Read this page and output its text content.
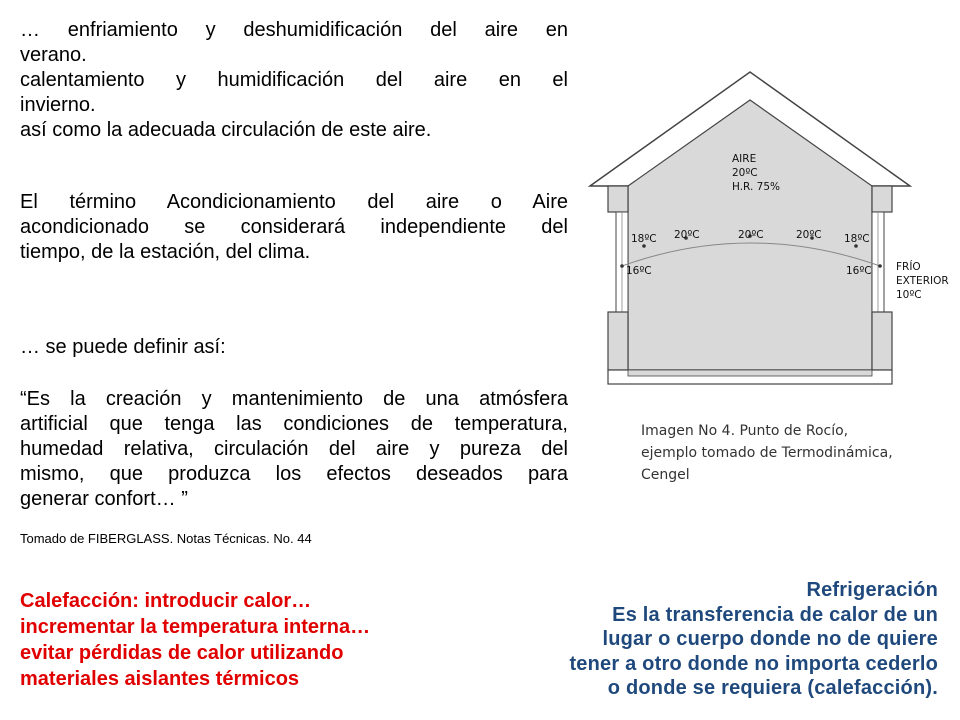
… enfriamiento y deshumidificación del aire en
verano.
calentamiento y humidificación del aire en el
invierno.
así como la adecuada circulación de este aire.
El término Acondicionamiento del aire o Aire
acondicionado se considerará independiente del
tiempo, de la estación, del clima.
… se puede definir así:
“Es la creación y mantenimiento de una atmósfera
artificial que tenga las condiciones de temperatura,
humedad relativa, circulación del aire y pureza del
mismo, que produzca los efectos deseados para
generar confort… ”

Tomado de FIBERGLASS. Notas Técnicas. No. 44

Calefacción: introducir calor…
incrementar la temperatura interna…
evitar pérdidas de calor utilizando
materiales aislantes térmicos
Refrigeración
Es la transferencia de calor de un
lugar o cuerpo donde no de quiere
tener a otro donde no importa cederlo
o donde se requiera (calefacción).
AIRE
20ºC
H.R. 75%
18ºC 20ºC	20ºC	20ºC 18ºC
16ºC	16ºC FRÍO
EXTERIOR
10ºC
Imagen No 4. Punto de Rocío,
ejemplo tomado de Termodinámica,
Cengel
